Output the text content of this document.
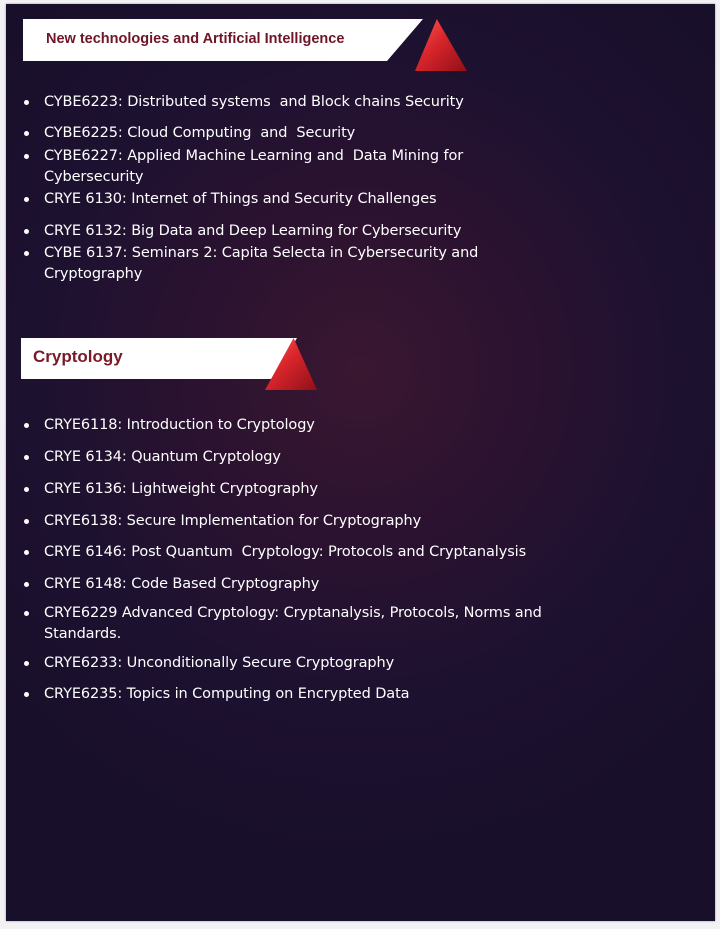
New technologies and Artificial Intelligence
CYBE6223: Distributed systems  and Block chains Security
CYBE6225: Cloud Computing  and  Security
CYBE6227: Applied Machine Learning and  Data Mining for
Cybersecurity
CRYE 6130: Internet of Things and Security Challenges
CRYE 6132: Big Data and Deep Learning for Cybersecurity
CYBE 6137: Seminars 2: Capita Selecta in Cybersecurity and
Cryptography
Cryptology
CRYE6118: Introduction to Cryptology
CRYE 6134: Quantum Cryptology
CRYE 6136: Lightweight Cryptography
CRYE6138: Secure Implementation for Cryptography
CRYE 6146: Post Quantum  Cryptology: Protocols and Cryptanalysis
CRYE 6148: Code Based Cryptography
CRYE6229 Advanced Cryptology: Cryptanalysis, Protocols, Norms and
Standards.
CRYE6233: Unconditionally Secure Cryptography
CRYE6235: Topics in Computing on Encrypted Data
